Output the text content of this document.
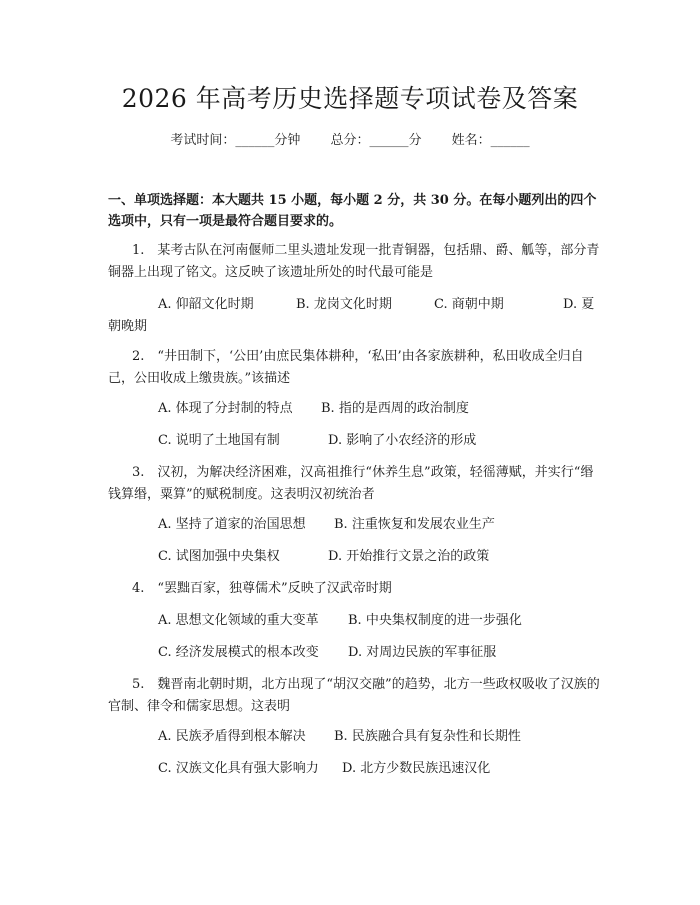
2026 年高考历史选择题专项试卷及答案
考试时间：______分钟 总分：______分 姓名：______
一、单项选择题：本大题共 15 小题，每小题 2 分，共 30 分。在每小题列出的四个选项中，只有一项是最符合题目要求的。
1.　某考古队在河南偃师二里头遗址发现一批青铜器，包括鼎、爵、觚等，部分青铜器上出现了铭文。这反映了该遗址所处的时代最可能是
A. 仰韶文化时期	B. 龙岗文化时期	C. 商朝中期	D. 夏朝晚期
2.　“井田制下，‘公田’由庶民集体耕种，‘私田’由各家族耕种，私田收成全归自己，公田收成上缴贵族。”该描述
A. 体现了分封制的特点 B. 指的是西周的政治制度
C. 说明了土地国有制	D. 影响了小农经济的形成
3.　汉初，为解决经济困难，汉高祖推行“休养生息”政策，轻徭薄赋，并实行“缗钱算缗，粟算”的赋税制度。这表明汉初统治者
A. 坚持了道家的治国思想 B. 注重恢复和发展农业生产
C. 试图加强中央集权	D. 开始推行文景之治的政策
4.　“罢黜百家，独尊儒术”反映了汉武帝时期
A. 思想文化领域的重大变革 B. 中央集权制度的进一步强化
C. 经济发展模式的根本改变 D. 对周边民族的军事征服
5.　魏晋南北朝时期，北方出现了“胡汉交融”的趋势，北方一些政权吸收了汉族的官制、律令和儒家思想。这表明
A. 民族矛盾得到根本解决 B. 民族融合具有复杂性和长期性
C. 汉族文化具有强大影响力 D. 北方少数民族迅速汉化
